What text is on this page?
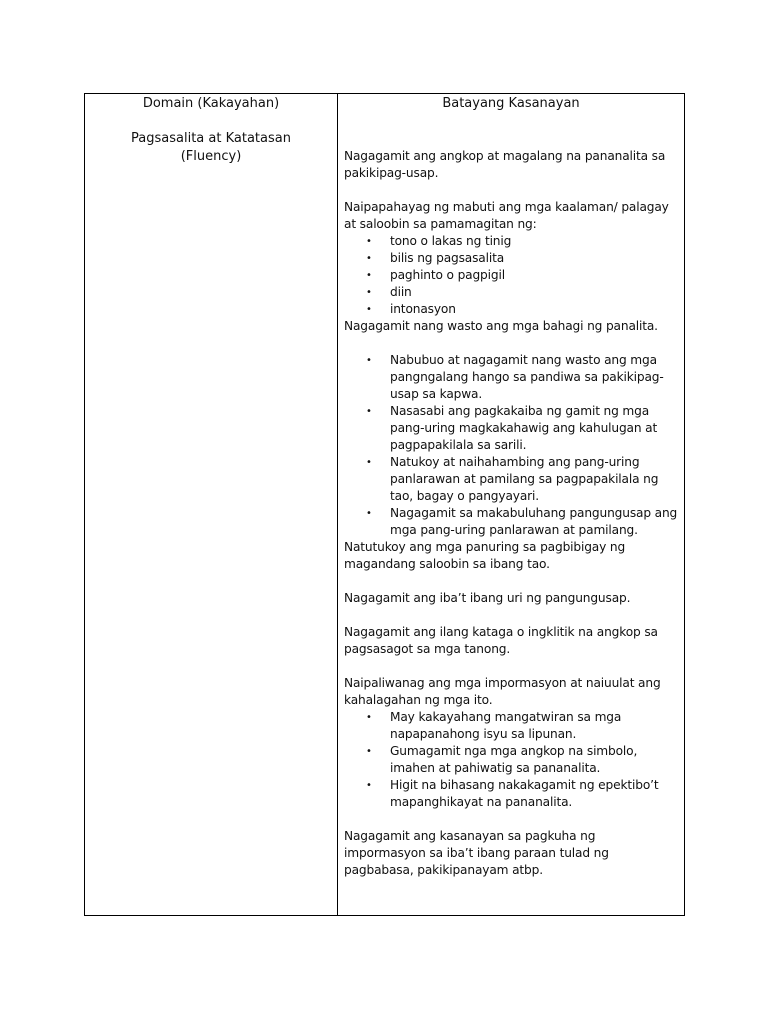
Domain (Kakayahan)
Pagsasalita at Katatasan
(Fluency)
Batayang Kasanayan

Nagagamit ang angkop at magalang na pananalita sa pakikipag-usap.

Naipapahayag ng mabuti ang mga kaalaman/ palagay at saloobin sa pamamagitan ng:

• tono o lakas ng tinig
• bilis ng pagsasalita
• paghinto o pagpigil
• diin
• intonasyon

Nagagamit nang wasto ang mga bahagi ng panalita.

• Nabubuo at nagagamit nang wasto ang mga pangngalang hango sa pandiwa sa pakikipag-usap sa kapwa.
• Nasasabi ang pagkakaiba ng gamit ng mga pang-uring magkakahawig ang kahulugan at pagpapakilala sa sarili.
• Natukoy at naihahambing ang pang-uring panlarawan at pamilang sa pagpapakilala ng tao, bagay o pangyayari.
• Nagagamit sa makabuluhang pangungusap ang mga pang-uring panlarawan at pamilang.

Natutukoy ang mga panuring sa pagbibigay ng magandang saloobin sa ibang tao.

Nagagamit ang iba’t ibang uri ng pangungusap.

Nagagamit ang ilang kataga o ingklitik na angkop sa pagsasagot sa mga tanong.

Naipaliwanag ang mga impormasyon at naiuulat ang kahalagahan ng mga ito.

• May kakayahang mangatwiran sa mga napapanahong isyu sa lipunan.
• Gumagamit nga mga angkop na simbolo, imahen at pahiwatig sa pananalita.
• Higit na bihasang nakakagamit ng epektibo’t mapanghikayat na pananalita.

Nagagamit ang kasanayan sa pagkuha ng impormasyon sa iba’t ibang paraan tulad ng pagbabasa, pakikipanayam atbp.
